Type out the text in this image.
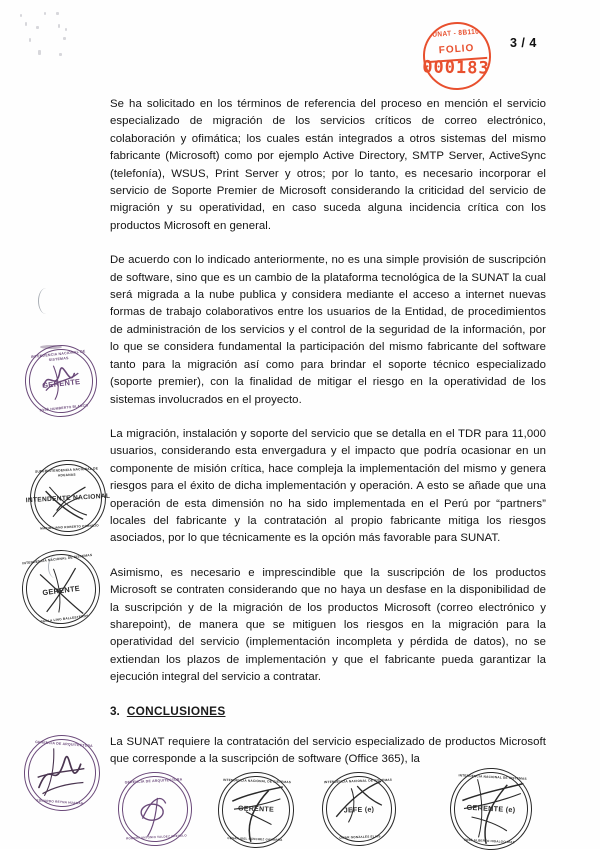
SUNAT - 8B1100
FOLIO
000183
3 / 4

Se ha solicitado en los términos de referencia del proceso en mención el servicio especializado de migración de los servicios críticos de correo electrónico, colaboración y ofimática; los cuales están integrados a otros sistemas del mismo fabricante (Microsoft) como por ejemplo Active Directory, SMTP Server, ActiveSync (telefonía), WSUS, Print Server y otros; por lo tanto, es necesario incorporar el servicio de Soporte Premier de Microsoft considerando la criticidad del servicio de migración y su operatividad, en caso suceda alguna incidencia crítica con los productos Microsoft en general.

De acuerdo con lo indicado anteriormente, no es una simple provisión de suscripción de software, sino que es un cambio de la plataforma tecnológica de la SUNAT la cual será migrada a la nube publica y considera mediante el acceso a internet nuevas formas de trabajo colaborativos entre los usuarios de la Entidad, de procedimientos de administración de los servicios y el control de la seguridad de la información, por lo que se considera fundamental la participación del mismo fabricante del software tanto para la migración así como para brindar el soporte técnico especializado (soporte premier), con la finalidad de mitigar el riesgo en la operatividad de los sistemas involucrados en el proyecto.

La migración, instalación y soporte del servicio que se detalla en el TDR para 11,000 usuarios, considerando esta envergadura y el impacto que podría ocasionar en un componente de misión crítica, hace compleja la implementación del mismo y genera riesgos para el éxito de dicha implementación y operación. A esto se añade que una operación de esta dimensión no ha sido implementada en el Perú por “partners” locales del fabricante y la contratación al propio fabricante mitiga los riesgos asociados, por lo que técnicamente es la opción más favorable para SUNAT.

Asimismo, es necesario e imprescindible que la suscripción de los productos Microsoft se contraten considerando que no haya un desfase en la disponibilidad de la suscripción y de la migración de los productos Microsoft (correo electrónico y sharepoint), de manera que se mitiguen los riesgos en la migración para la operatividad del servicio (implementación incompleta y pérdida de datos), no se extiendan los plazos de implementación y que el fabricante pueda garantizar la ejecución integral del servicio a contratar.

3. CONCLUSIONES

La SUNAT requiere la contratación del servicio especializado de productos Microsoft que corresponde a la suscripción de software (Office 365), la

INTENDENCIA NACIONAL DE SISTEMAS
GERENTE
JOSÉ HUMBERTO BLANCO
SUPERINTENDENCIA NACIONAL DE ADUANAS
INTENDENTE NACIONAL
MAXIMILIANO ROBERTO CORNEJO
INTENDENCIA NACIONAL DE SISTEMAS
GERENTE
PAOLA LINO BALLESTEROS
GERENCIA DE ARQUITECTURA
EDUARDO REYNA HUAMÁN
GERENCIA DE ARQUITECTURA
ROBERT ANTONIO VALDEZ AREVALO
INTENDENCIA NACIONAL DE SISTEMAS
GERENTE
CÉSAR IDEL SÁNCHEZ GAMARRA
INTENDENCIA NACIONAL DE SISTEMAS
JEFE (e)
OMAR GONZALES ELIAS
INTENDENCIA NACIONAL DE SISTEMAS
GERENTE (e)
JOSÉ ALBERTO HIDALGO DÍAZ
